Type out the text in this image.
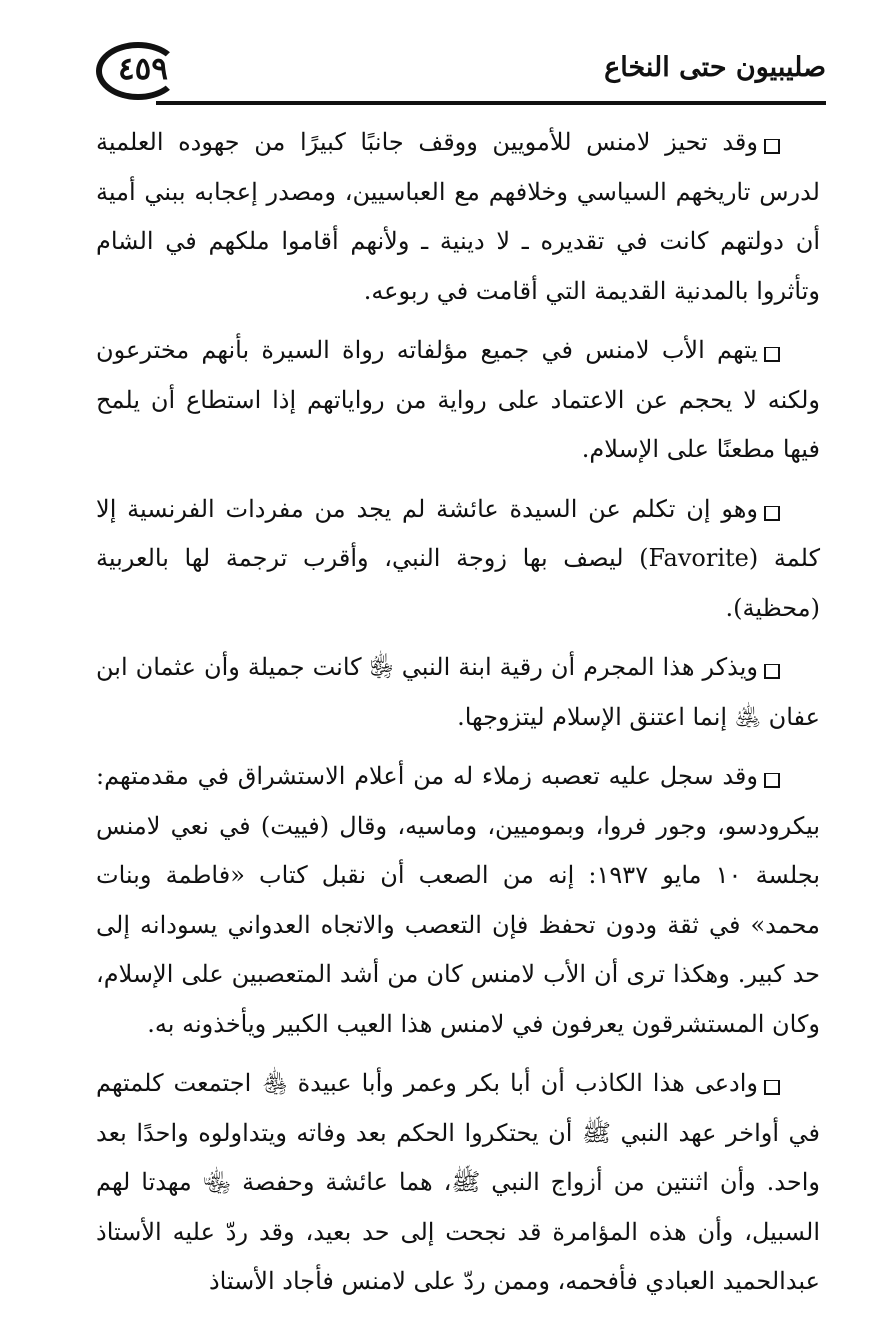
٤٥٩	صليبيون حتى النخاع

وقد تحيز لامنس للأمويين ووقف جانبًا كبيرًا من جهوده العلمية لدرس تاريخهم السياسي وخلافهم مع العباسيين، ومصدر إعجابه ببني أمية أن دولتهم كانت في تقديره ـ لا دينية ـ ولأنهم أقاموا ملكهم في الشام وتأثروا بالمدنية القديمة التي أقامت في ربوعه.

يتهم الأب لامنس في جميع مؤلفاته رواة السيرة بأنهم مخترعون ولكنه لا يحجم عن الاعتماد على رواية من رواياتهم إذا استطاع أن يلمح فيها مطعنًا على الإسلام.

وهو إن تكلم عن السيدة عائشة لم يجد من مفردات الفرنسية إلا كلمة (Favorite) ليصف بها زوجة النبي، وأقرب ترجمة لها بالعربية (محظية).

ويذكر هذا المجرم أن رقية ابنة النبي ﵂ كانت جميلة وأن عثمان ابن عفان ﵁ إنما اعتنق الإسلام ليتزوجها.

وقد سجل عليه تعصبه زملاء له من أعلام الاستشراق في مقدمتهم: بيكرودسو، وجور فروا، وبموميين، وماسيه، وقال (فييت) في نعي لامنس بجلسة ١٠ مايو ١٩٣٧: إنه من الصعب أن نقبل كتاب «فاطمة وبنات محمد» في ثقة ودون تحفظ فإن التعصب والاتجاه العدواني يسودانه إلى حد كبير. وهكذا ترى أن الأب لامنس كان من أشد المتعصبين على الإسلام، وكان المستشرقون يعرفون في لامنس هذا العيب الكبير ويأخذونه به.

وادعى هذا الكاذب أن أبا بكر وعمر وأبا عبيدة ﵃ اجتمعت كلمتهم في أواخر عهد النبي ﷺ أن يحتكروا الحكم بعد وفاته ويتداولوه واحدًا بعد واحد. وأن اثنتين من أزواج النبي ﷺ، هما عائشة وحفصة ﵄ مهدتا لهم السبيل، وأن هذه المؤامرة قد نجحت إلى حد بعيد، وقد ردّ عليه الأستاذ عبدالحميد العبادي فأفحمه، وممن ردّ على لامنس فأجاد الأستاذ
